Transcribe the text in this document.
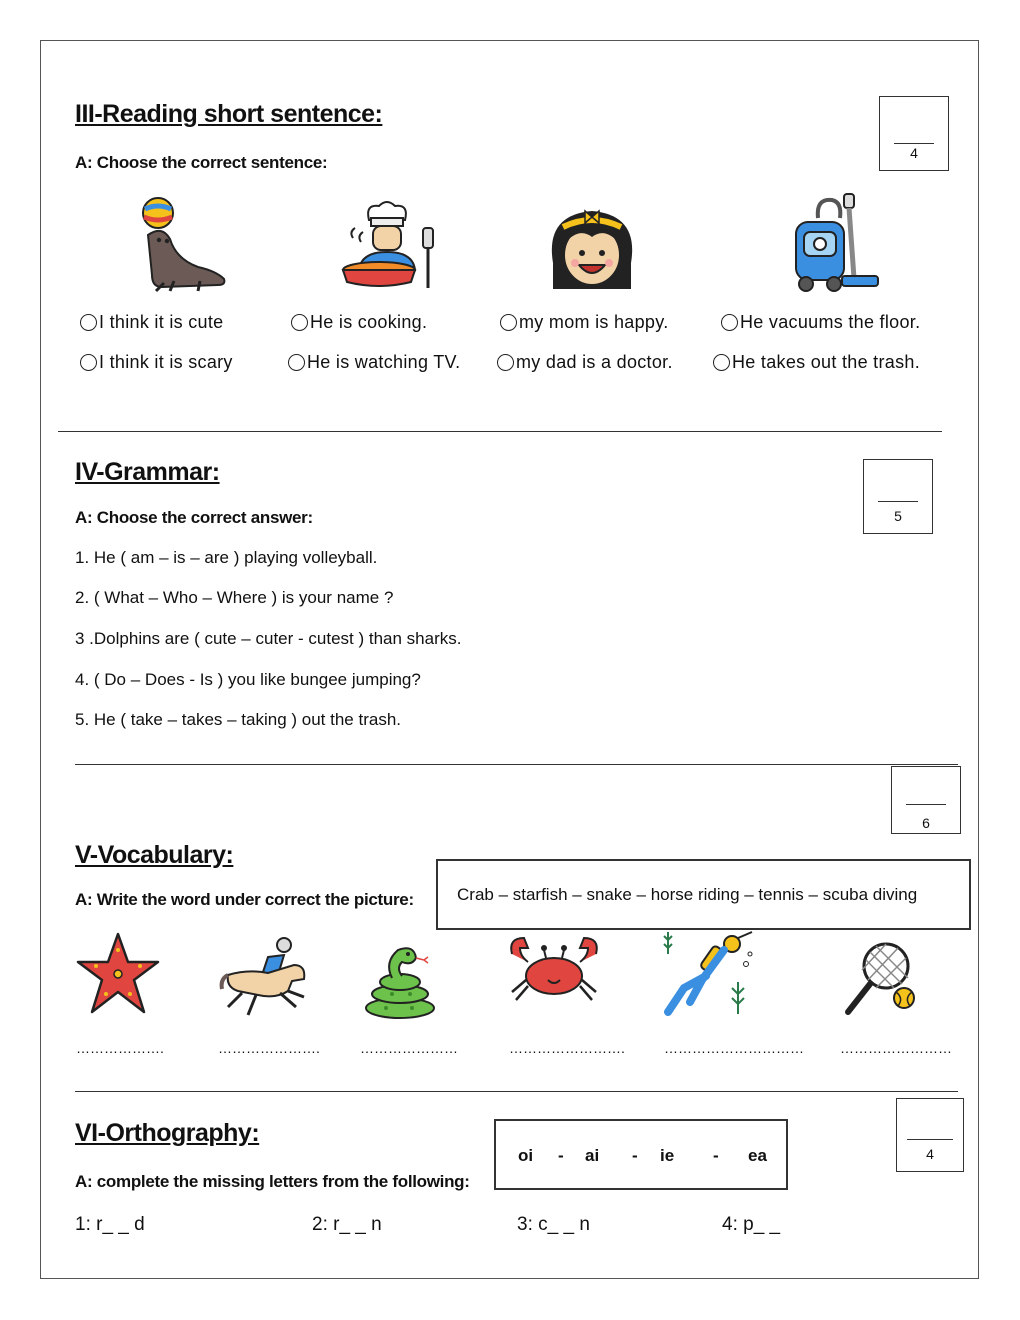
III-Reading short sentence:
A: Choose the correct sentence:	4
I think it is cute	He is cooking.	my mom is happy.	He vacuums the floor.
I think it is scary	He is watching TV.	my dad is a doctor.	He takes out the trash.
IV-Grammar:
A: Choose the correct answer:	5
1. He ( am – is – are ) playing volleyball.
2. ( What – Who – Where ) is your name ?
3 .Dolphins are ( cute – cuter - cutest ) than sharks.
4. ( Do – Does - Is ) you like bungee jumping?
5. He ( take – takes – taking ) out the trash.
6
V-Vocabulary:
A: Write the word under correct the picture:	Crab – starfish – snake – horse riding – tennis – scuba diving
……………….	………………….	…………………	…………………….	…………………………	……………………
VI-Orthography:
A: complete the missing letters from the following:
oi - ai - ie - ea	4
1: r_ _ d	2: r_ _ n	3: c_ _ n	4: p_ _
